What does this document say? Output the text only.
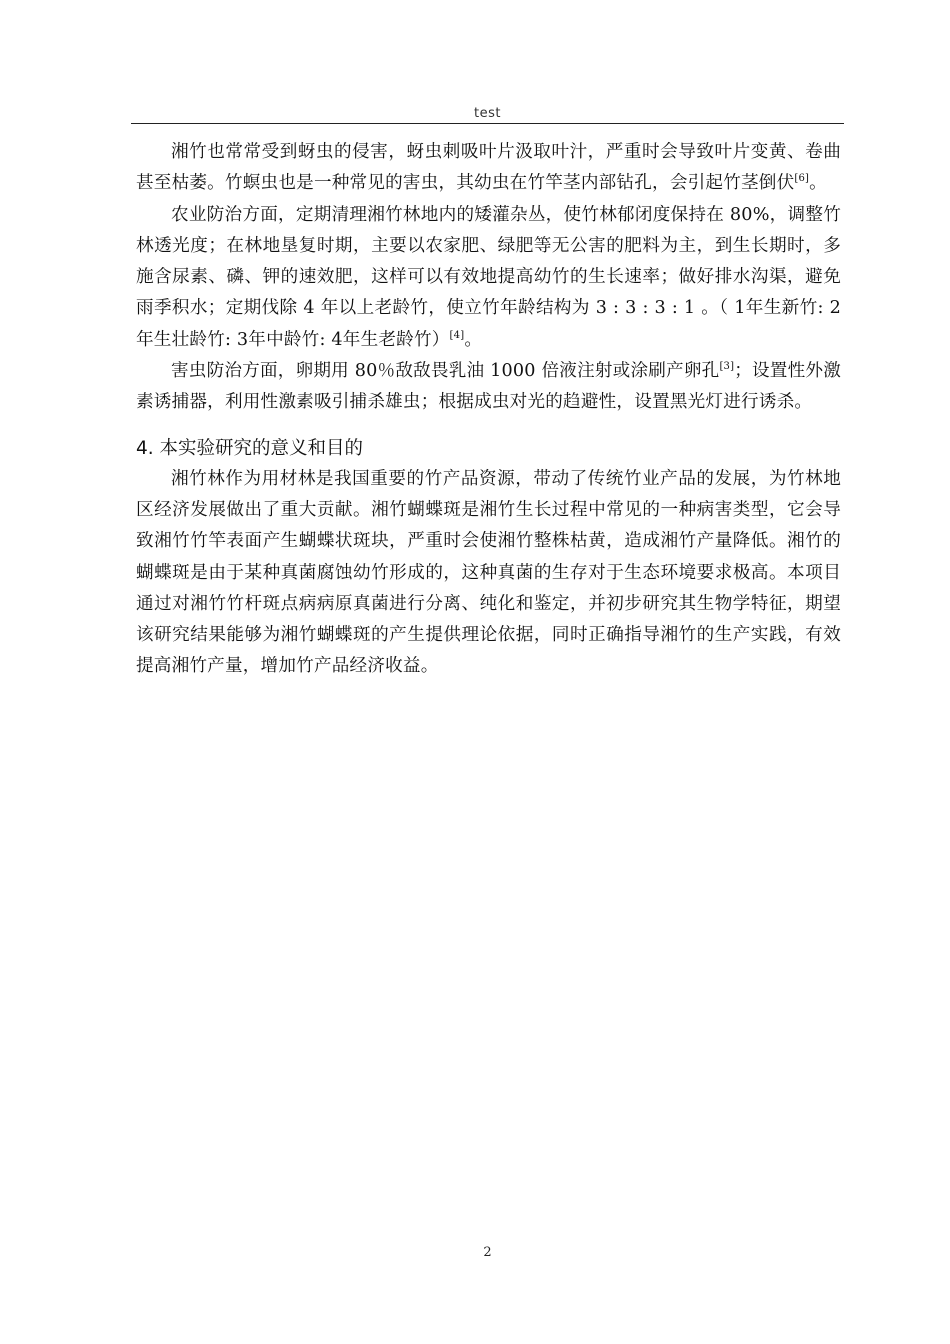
test

湘竹也常常受到蚜虫的侵害，蚜虫刺吸叶片汲取叶汁，严重时会导致叶片变黄、卷曲甚至枯萎。竹螟虫也是一种常见的害虫，其幼虫在竹竿茎内部钻孔，会引起竹茎倒伏[6]。

农业防治方面，定期清理湘竹林地内的矮灌杂丛，使竹林郁闭度保持在 80%，调整竹林透光度；在林地垦复时期，主要以农家肥、绿肥等无公害的肥料为主，到生长期时，多施含尿素、磷、钾的速效肥，这样可以有效地提高幼竹的生长速率；做好排水沟渠，避免雨季积水；定期伐除 4 年以上老龄竹，使立竹年龄结构为 3 : 3 : 3 : 1 。（ 1年生新竹: 2年生壮龄竹: 3年中龄竹: 4年生老龄竹）[4]。

害虫防治方面，卵期用 80％敌敌畏乳油 1000 倍液注射或涂刷产卵孔[3]；设置性外激素诱捕器，利用性激素吸引捕杀雄虫；根据成虫对光的趋避性，设置黑光灯进行诱杀。

4. 本实验研究的意义和目的

湘竹林作为用材林是我国重要的竹产品资源，带动了传统竹业产品的发展，为竹林地区经济发展做出了重大贡献。湘竹蝴蝶斑是湘竹生长过程中常见的一种病害类型，它会导致湘竹竹竿表面产生蝴蝶状斑块，严重时会使湘竹整株枯黄，造成湘竹产量降低。湘竹的蝴蝶斑是由于某种真菌腐蚀幼竹形成的，这种真菌的生存对于生态环境要求极高。本项目通过对湘竹竹杆斑点病病原真菌进行分离、纯化和鉴定，并初步研究其生物学特征，期望该研究结果能够为湘竹蝴蝶斑的产生提供理论依据，同时正确指导湘竹的生产实践，有效提高湘竹产量，增加竹产品经济收益。

2
